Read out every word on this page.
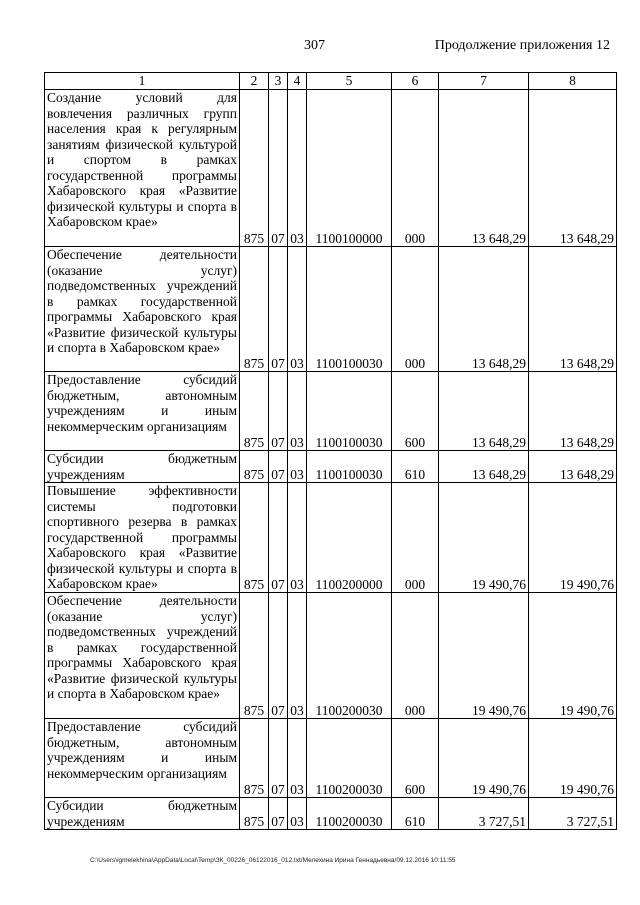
307	Продолжение приложения 12
1	2	3	4	5	6	7	8
Создание условий для вовлечения различных групп населения края к регулярным занятиям физической культурой и спортом в рамках государственной программы Хабаровского края «Развитие физической культуры и спорта в Хабаровском крае»	875	07	03	1100100000	000	13 648,29	13 648,29
Обеспечение деятельности (оказание услуг) подведомственных учреждений в рамках государственной программы Хабаровского края «Развитие физической культуры и спорта в Хабаровском крае»	875	07	03	1100100030	000	13 648,29	13 648,29
Предоставление субсидий бюджетным, автономным учреждениям и иным некоммерческим организациям	875	07	03	1100100030	600	13 648,29	13 648,29
Субсидии бюджетным учреждениям	875	07	03	1100100030	610	13 648,29	13 648,29
Повышение эффективности системы подготовки спортивного резерва в рамках государственной программы Хабаровского края «Развитие физической культуры и спорта в Хабаровском крае»	875	07	03	1100200000	000	19 490,76	19 490,76
Обеспечение деятельности (оказание услуг) подведомственных учреждений в рамках государственной программы Хабаровского края «Развитие физической культуры и спорта в Хабаровском крае»	875	07	03	1100200030	000	19 490,76	19 490,76
Предоставление субсидий бюджетным, автономным учреждениям и иным некоммерческим организациям	875	07	03	1100200030	600	19 490,76	19 490,76
Субсидии бюджетным учреждениям	875	07	03	1100200030	610	3 727,51	3 727,51
C:\Users\igmelekhina\AppData\Local\Temp\ЗК_00226_06122016_012.txt/Мелехина Ирина Геннадьевна/09.12.2016 10:11:55
